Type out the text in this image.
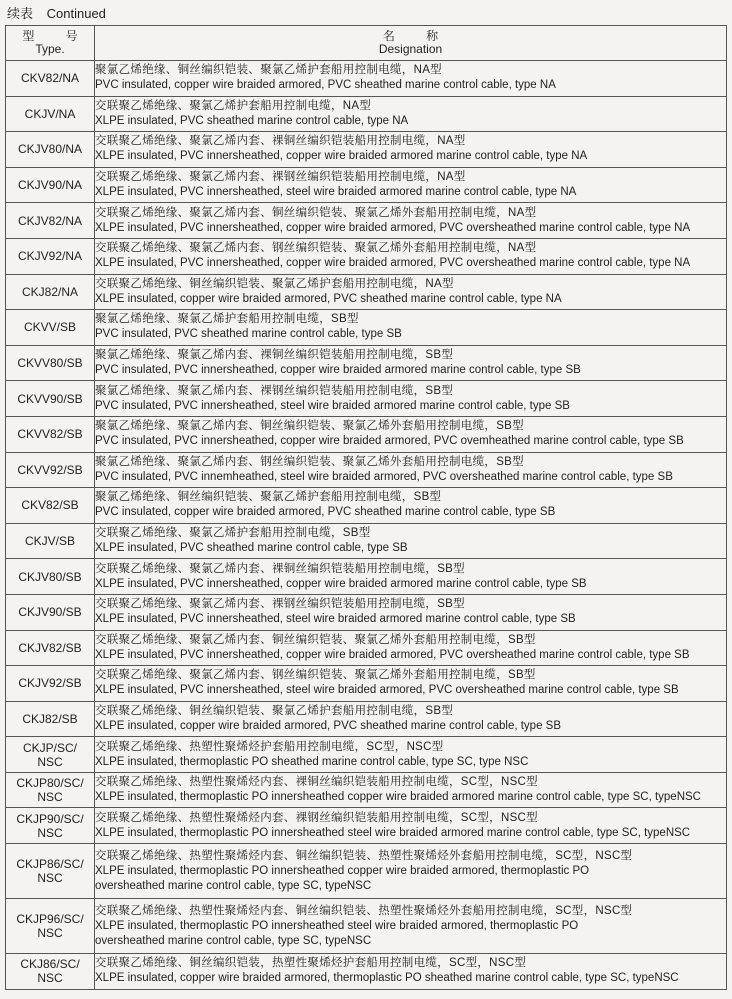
续表 Continued
型 号
Type.	名 称
Designation

CKV82/NA	聚氯乙烯绝缘、铜丝编织铠装、聚氯乙烯护套船用控制电缆，NA型
PVC insulated, copper wire braided armored, PVC sheathed marine control cable, type NA

CKJV/NA	交联聚乙烯绝缘、聚氯乙烯护套船用控制电缆，NA型
XLPE insulated, PVC sheathed marine control cable, type NA

CKJV80/NA	交联聚乙烯绝缘、聚氯乙烯内套、裸铜丝编织铠装船用控制电缆，NA型
XLPE insulated, PVC innersheathed, copper wire braided armored marine control cable, type NA

CKJV90/NA	交联聚乙烯绝缘、聚氯乙烯内套、裸钢丝编织铠装船用控制电缆，NA型
XLPE insulated, PVC innersheathed, steel wire braided armored marine control cable, type NA

CKJV82/NA	交联聚乙烯绝缘、聚氯乙烯内套、铜丝编织铠装、聚氯乙烯外套船用控制电缆，NA型
XLPE insulated, PVC innersheathed, copper wire braided armored, PVC oversheathed marine control cable, type NA

CKJV92/NA	交联聚乙烯绝缘、聚氯乙烯内套、钢丝编织铠装、聚氯乙烯外套船用控制电缆，NA型
XLPE insulated, PVC innersheathed, copper wire braided armored, PVC oversheathed marine control cable, type NA

CKJ82/NA	交联聚乙烯绝缘、铜丝编织铠装、聚氯乙烯护套船用控制电缆，NA型
XLPE insulated, copper wire braided armored, PVC sheathed marine control cable, type NA

CKVV/SB	聚氯乙烯绝缘、聚氯乙烯护套船用控制电缆，SB型
PVC insulated, PVC sheathed marine control cable, type SB

CKVV80/SB	聚氯乙烯绝缘、聚氯乙烯内套、裸铜丝编织铠装船用控制电缆，SB型
PVC insulated, PVC innersheathed, copper wire braided armored marine control cable, type SB

CKVV90/SB	聚氯乙烯绝缘、聚氯乙烯内套、裸钢丝编织铠装船用控制电缆，SB型
PVC insulated, PVC innersheathed, steel wire braided armored marine control cable, type SB

CKVV82/SB	聚氯乙烯绝缘、聚氯乙烯内套、铜丝编织铠装、聚氯乙烯外套船用控制电缆，SB型
PVC insulated, PVC innersheathed, copper wire braided armored, PVC ovemheathed marine control cable, type SB

CKVV92/SB	聚氯乙烯绝缘、聚氯乙烯内套、钢丝编织铠装、聚氯乙烯外套船用控制电缆，SB型
PVC insulated, PVC innemheathed, steel wire braided armored, PVC oversheathed marine control cable, type SB

CKV82/SB	聚氯乙烯绝缘、铜丝编织铠装、聚氯乙烯护套船用控制电缆，SB型
PVC insulated, copper wire braided armored, PVC sheathed marine control cable, type SB

CKJV/SB	交联聚乙烯绝缘、聚氯乙烯护套船用控制电缆，SB型
XLPE insulated, PVC sheathed marine control cable, type SB

CKJV80/SB	交联聚乙烯绝缘、聚氯乙烯内套、裸铜丝编织铠装船用控制电缆，SB型
XLPE insulated, PVC innersheathed, copper wire braided armored marine control cable, type SB

CKJV90/SB	交联聚乙烯绝缘、聚氯乙烯内套、裸钢丝编织铠装船用控制电缆，SB型
XLPE insulated, PVC innersheathed, steel wire braided armored marine control cable, type SB

CKJV82/SB	交联聚乙烯绝缘、聚氯乙烯内套、铜丝编织铠装、聚氯乙烯外套船用控制电缆，SB型
XLPE insulated, PVC innersheathed, copper wire braided armored, PVC oversheathed marine control cable, type SB

CKJV92/SB	交联聚乙烯绝缘、聚氯乙烯内套、钢丝编织铠装、聚氯乙烯外套船用控制电缆，SB型
XLPE insulated, PVC innersheathed, steel wire braided armored, PVC oversheathed marine control cable, type SB

CKJ82/SB	交联聚乙烯绝缘、铜丝编织铠装、聚氯乙烯护套船用控制电缆，SB型
XLPE insulated, copper wire braided armored, PVC sheathed marine control cable, type SB

CKJP/SC/
NSC	交联聚乙烯绝缘、热塑性聚烯烃护套船用控制电缆，SC型，NSC型
XLPE insulated, thermoplastic PO sheathed marine control cable, type SC, type NSC

CKJP80/SC/
NSC	交联聚乙烯绝缘、热塑性聚烯烃内套、裸铜丝编织铠装船用控制电缆，SC型，NSC型
XLPE insulated, thermoplastic PO innersheathed copper wire braided armored marine control cable, type SC, typeNSC

CKJP90/SC/
NSC	交联聚乙烯绝缘、热塑性聚烯烃内套、裸钢丝编织铠装船用控制电缆，SC型，NSC型
XLPE insulated, thermoplastic PO innersheathed steel wire braided armored marine control cable, type SC, typeNSC

CKJP86/SC/
NSC	交联聚乙烯绝缘、热塑性聚烯烃内套、铜丝编织铠装、热塑性聚烯烃外套船用控制电缆，SC型，NSC型
XLPE insulated, thermoplastic PO innersheathed copper wire braided armored, thermoplastic PO
oversheathed marine control cable, type SC, typeNSC

CKJP96/SC/
NSC	交联聚乙烯绝缘、热塑性聚烯烃内套、铜丝编织铠装、热塑性聚烯烃外套船用控制电缆，SC型，NSC型
XLPE insulated, thermoplastic PO innersheathed steel wire braided armored, thermoplastic PO
oversheathed marine control cable, type SC, typeNSC

CKJ86/SC/
NSC	交联聚乙烯绝缘、铜丝编织铠装，热塑性聚烯烃护套船用控制电缆，SC型，NSC型
XLPE insulated, copper wire braided armored, thermoplastic PO sheathed marine control cable, type SC, typeNSC
